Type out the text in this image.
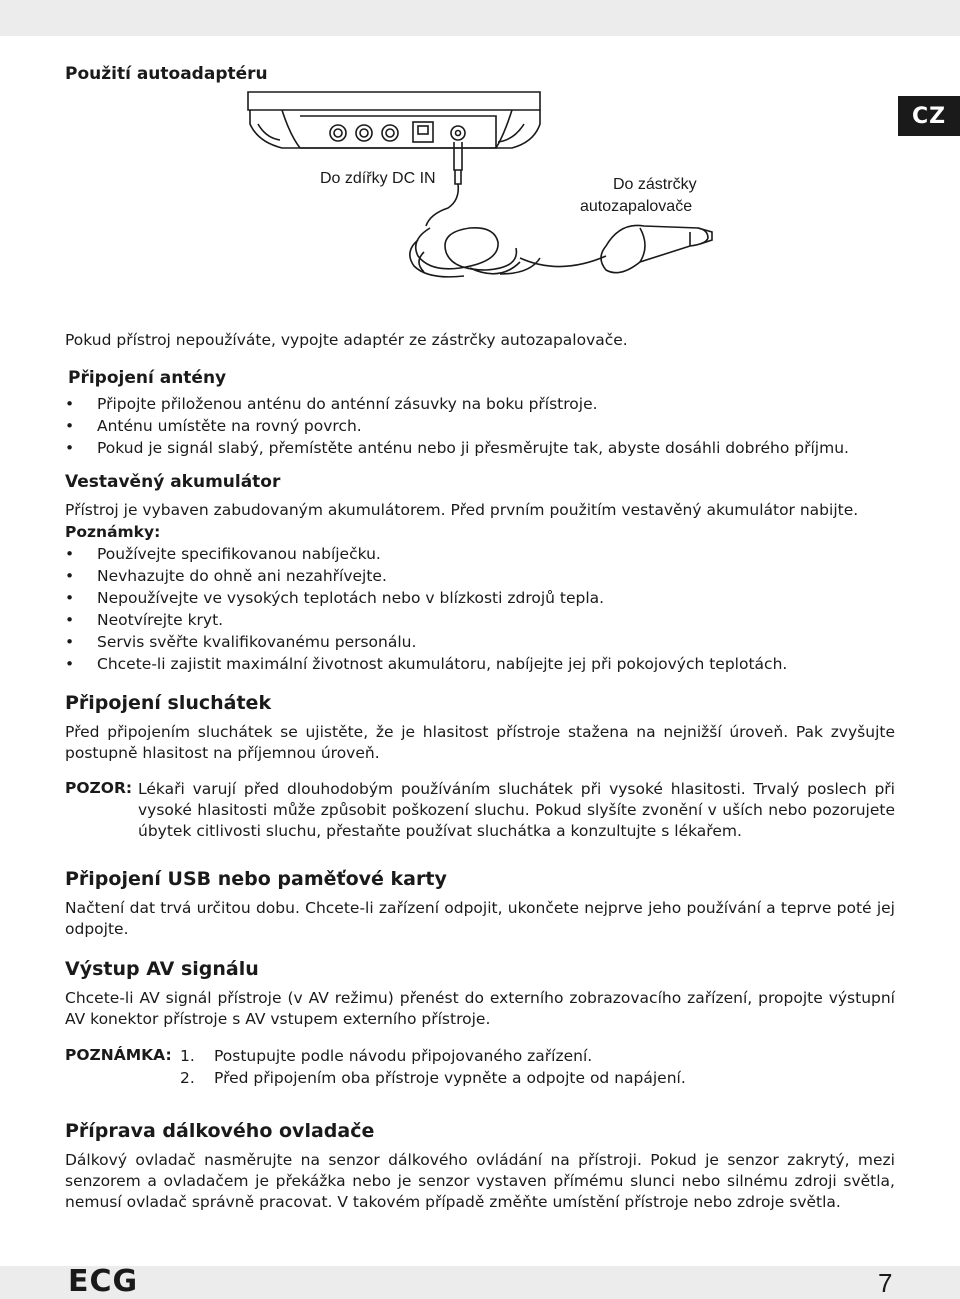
CZ
Použití autoadaptéru
Do zdířky DC IN	Do zástrčky
autozapalovače

Pokud přístroj nepoužíváte, vypojte adaptér ze zástrčky autozapalovače.

Připojení antény
• Připojte přiloženou anténu do anténní zásuvky na boku přístroje.
• Anténu umístěte na rovný povrch.
• Pokud je signál slabý, přemístěte anténu nebo ji přesměrujte tak, abyste dosáhli dobrého příjmu.
Vestavěný akumulátor

Přístroj je vybaven zabudovaným akumulátorem. Před prvním použitím vestavěný akumulátor nabijte.

Poznámky:
• Používejte specifikovanou nabíječku.
• Nevhazujte do ohně ani nezahřívejte.
• Nepoužívejte ve vysokých teplotách nebo v blízkosti zdrojů tepla.
• Neotvírejte kryt.
• Servis svěřte kvalifikovanému personálu.
• Chcete-li zajistit maximální životnost akumulátoru, nabíjejte jej při pokojových teplotách.
Připojení sluchátek

Před připojením sluchátek se ujistěte, že je hlasitost přístroje stažena na nejnižší úroveň. Pak zvyšujte postupně hlasitost na příjemnou úroveň.

POZOR: Lékaři varují před dlouhodobým používáním sluchátek při vysoké hlasitosti. Trvalý poslech při vysoké hlasitosti může způsobit poškození sluchu. Pokud slyšíte zvonění v uších nebo pozorujete úbytek citlivosti sluchu, přestaňte používat sluchátka a konzultujte s lékařem.

Připojení USB nebo paměťové karty

Načtení dat trvá určitou dobu. Chcete-li zařízení odpojit, ukončete nejprve jeho používání a teprve poté jej odpojte.

Výstup AV signálu

Chcete-li AV signál přístroje (v AV režimu) přenést do externího zobrazovacího zařízení, propojte výstupní AV konektor přístroje s AV vstupem externího přístroje.

POZNÁMKA: 1. Postupujte podle návodu připojovaného zařízení.
2. Před připojením oba přístroje vypněte a odpojte od napájení.
Příprava dálkového ovladače

Dálkový ovladač nasměrujte na senzor dálkového ovládání na přístroji. Pokud je senzor zakrytý, mezi senzorem a ovladačem je překážka nebo je senzor vystaven přímému slunci nebo silnému zdroji světla, nemusí ovladač správně pracovat. V takovém případě změňte umístění přístroje nebo zdroje světla.

ECG	7
